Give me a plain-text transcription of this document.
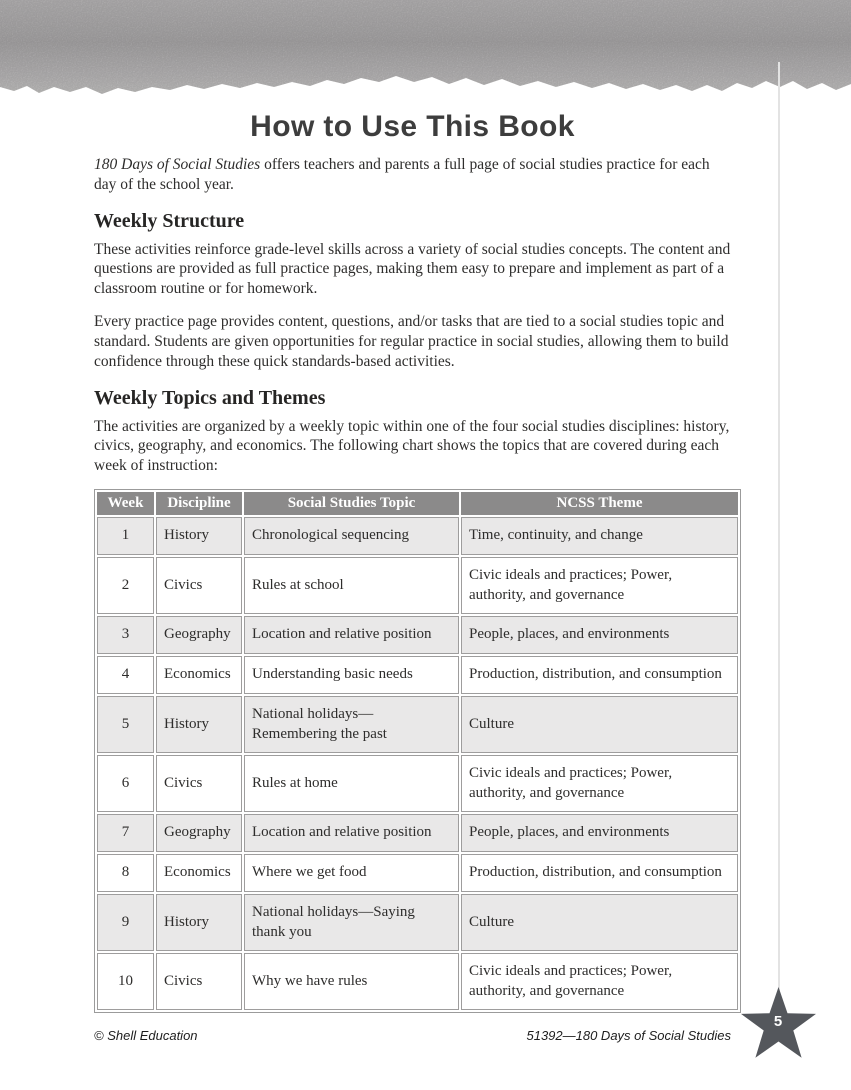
How to Use This Book

180 Days of Social Studies offers teachers and parents a full page of social studies practice for each day of the school year.

Weekly Structure

These activities reinforce grade-level skills across a variety of social studies concepts. The content and questions are provided as full practice pages, making them easy to prepare and implement as part of a classroom routine or for homework.

Every practice page provides content, questions, and/or tasks that are tied to a social studies topic and standard. Students are given opportunities for regular practice in social studies, allowing them to build confidence through these quick standards-based activities.

Weekly Topics and Themes

The activities are organized by a weekly topic within one of the four social studies disciplines: history, civics, geography, and economics. The following chart shows the topics that are covered during each week of instruction:

Week	Discipline	Social Studies Topic	NCSS Theme
1	History	Chronological sequencing	Time, continuity, and change
2	Civics	Rules at school	Civic ideals and practices; Power, authority, and governance
3	Geography	Location and relative position	People, places, and environments
4	Economics	Understanding basic needs	Production, distribution, and consumption
5	History	National holidays—Remembering the past	Culture
6	Civics	Rules at home	Civic ideals and practices; Power, authority, and governance
7	Geography	Location and relative position	People, places, and environments
8	Economics	Where we get food	Production, distribution, and consumption
9	History	National holidays—Saying thank you	Culture
10	Civics	Why we have rules	Civic ideals and practices; Power, authority, and governance
© Shell Education	51392—180 Days of Social Studies
5
